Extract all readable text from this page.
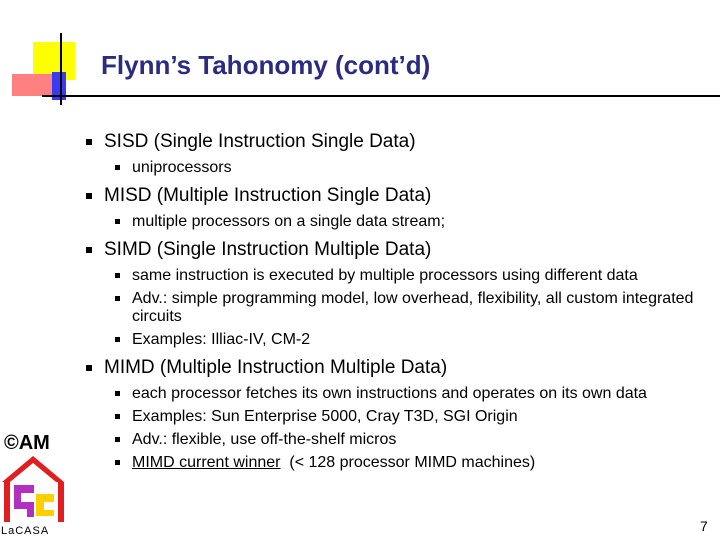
Flynn’s Tahonomy (cont’d)
SISD (Single Instruction Single Data)
uniprocessors
MISD (Multiple Instruction Single Data)
multiple processors on a single data stream;
SIMD (Single Instruction Multiple Data)
same instruction is executed by multiple processors using different data
Adv.: simple programming model, low overhead, flexibility, all custom integrated circuits
Examples: Illiac-IV, CM-2
MIMD (Multiple Instruction Multiple Data)
each processor fetches its own instructions and operates on its own data
Examples: Sun Enterprise 5000, Cray T3D, SGI Origin
Adv.: flexible, use off-the-shelf micros
MIMD current winner  (< 128 processor MIMD machines)
©AM
LaCASA	7
